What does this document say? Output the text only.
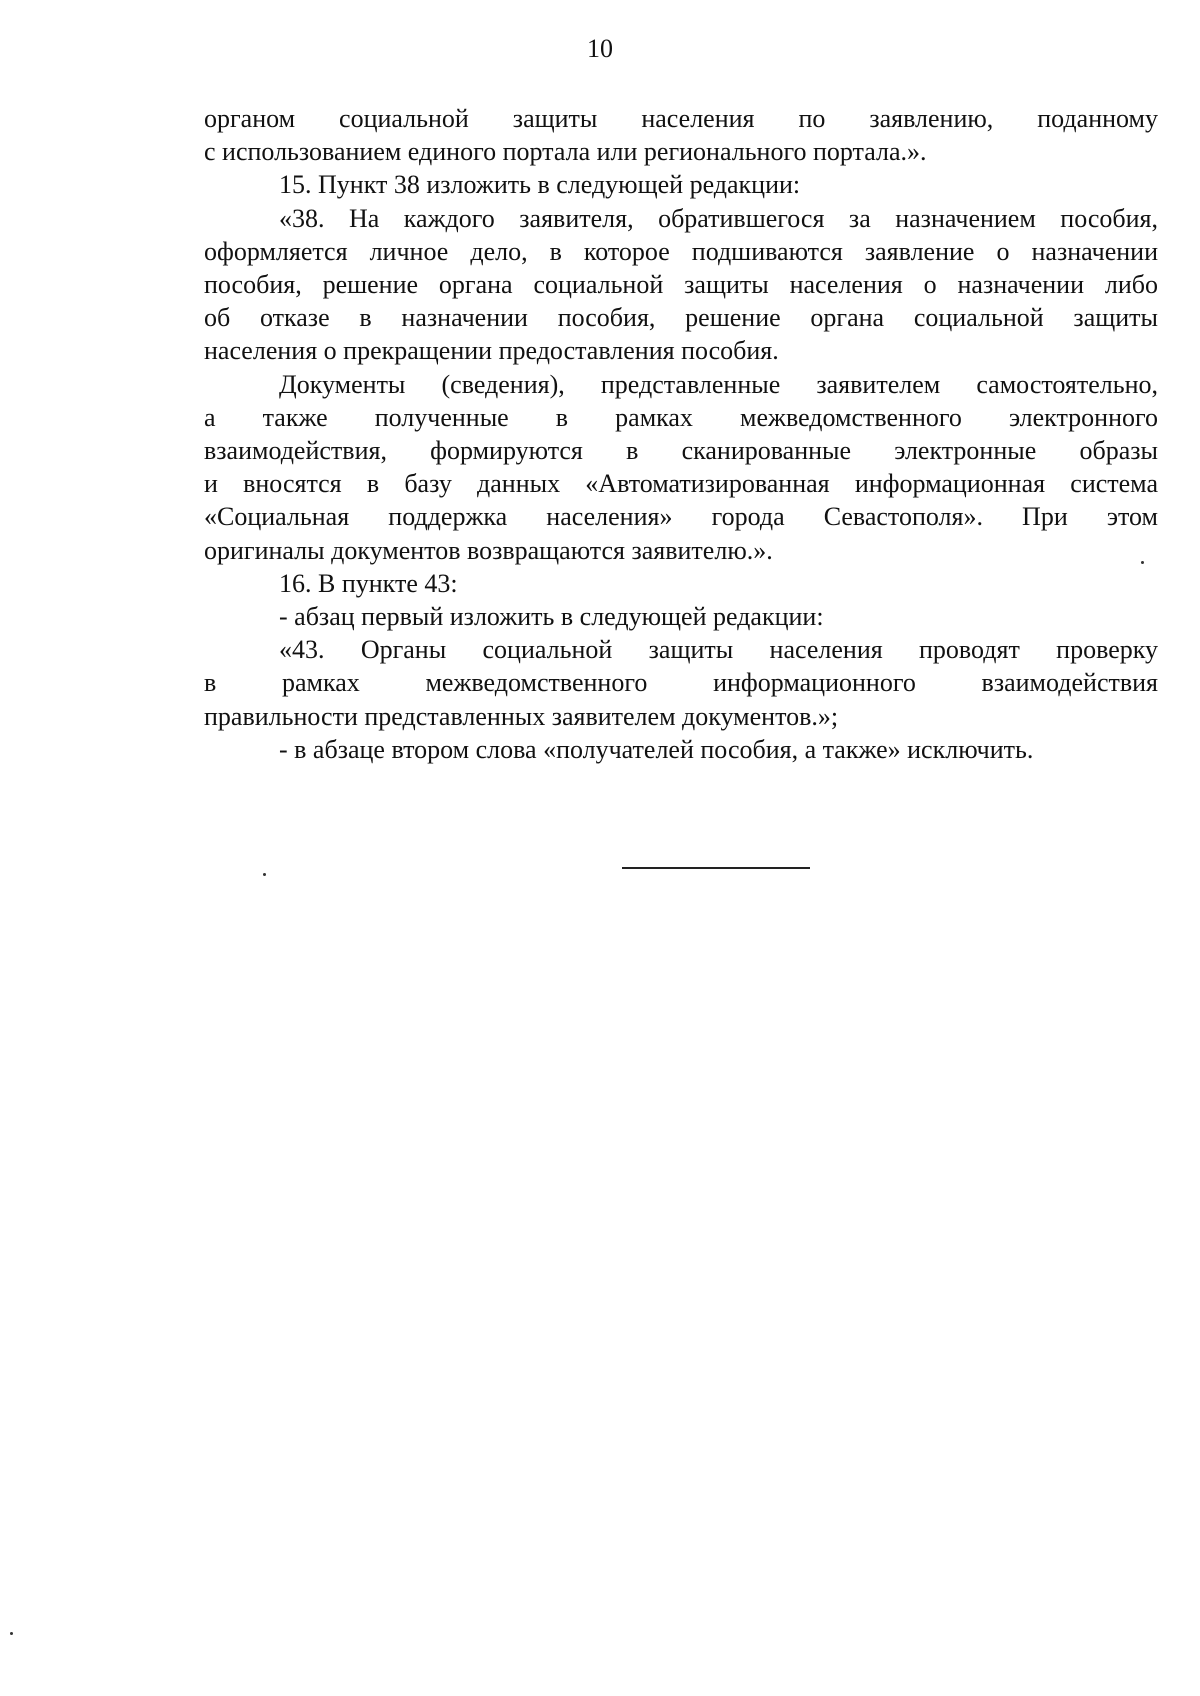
10

органом социальной защиты населения по заявлению, поданному
с использованием единого портала или регионального портала.».

15. Пункт 38 изложить в следующей редакции:

«38. На каждого заявителя, обратившегося за назначением пособия,
оформляется личное дело, в которое подшиваются заявление о назначении
пособия, решение органа социальной защиты населения о назначении либо
об отказе в назначении пособия, решение органа социальной защиты
населения о прекращении предоставления пособия.

Документы (сведения), представленные заявителем самостоятельно,
а также полученные в рамках межведомственного электронного
взаимодействия, формируются в сканированные электронные образы
и вносятся в базу данных «Автоматизированная информационная система
«Социальная поддержка населения» города Севастополя». При этом
оригиналы документов возвращаются заявителю.».

16. В пункте 43:

- абзац первый изложить в следующей редакции:

«43. Органы социальной защиты населения проводят проверку
в рамках межведомственного информационного взаимодействия
правильности представленных заявителем документов.»;

- в абзаце втором слова «получателей пособия, а также» исключить.
